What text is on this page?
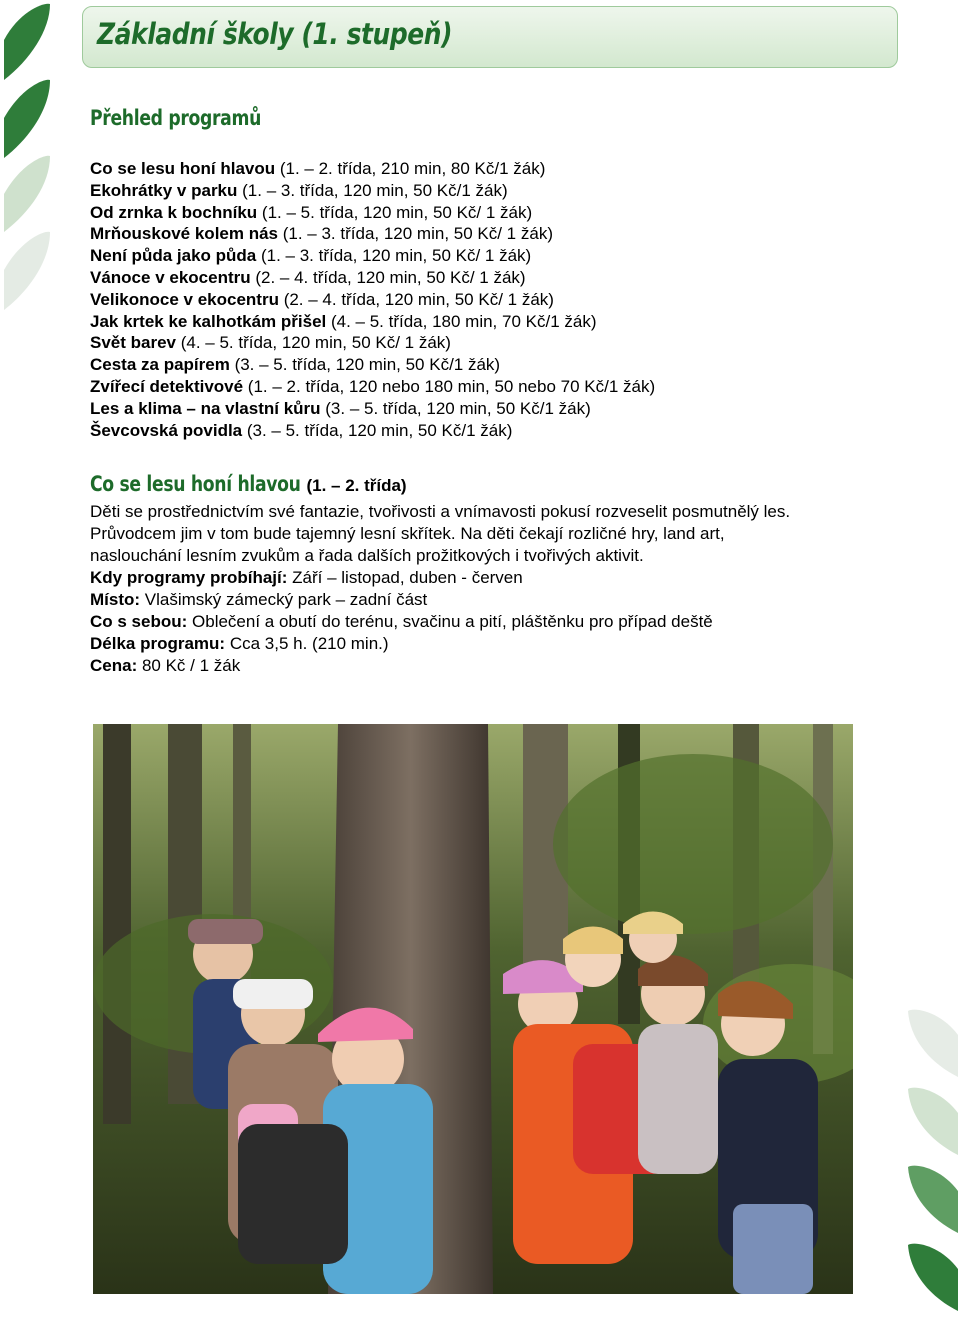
Základní školy (1. stupeň)
Přehled programů
Co se lesu honí hlavou (1. – 2. třída, 210 min, 80 Kč/1 žák)
Ekohrátky v parku (1. – 3. třída, 120 min, 50 Kč/1 žák)
Od zrnka k bochníku (1. – 5. třída, 120 min, 50 Kč/ 1 žák)
Mrňouskové kolem nás (1. – 3. třída, 120 min, 50 Kč/ 1 žák)
Není půda jako půda (1. – 3. třída, 120 min, 50 Kč/ 1 žák)
Vánoce v ekocentru (2. – 4. třída, 120 min, 50 Kč/ 1 žák)
Velikonoce v ekocentru (2. – 4. třída, 120 min, 50 Kč/ 1 žák)
Jak krtek ke kalhotkám přišel (4. – 5. třída, 180 min, 70 Kč/1 žák)
Svět barev (4. – 5. třída, 120 min, 50 Kč/ 1 žák)
Cesta za papírem (3. – 5. třída, 120 min, 50 Kč/1 žák)
Zvířecí detektivové (1. – 2. třída, 120 nebo 180 min, 50 nebo 70 Kč/1 žák)
Les a klima – na vlastní kůru (3. – 5. třída, 120 min, 50 Kč/1 žák)
Ševcovská povidla (3. – 5. třída, 120 min, 50 Kč/1 žák)
Co se lesu honí hlavou (1. – 2. třída)

Děti se prostřednictvím své fantazie, tvořivosti a vnímavosti pokusí rozveselit posmutnělý les.

Průvodcem jim v tom bude tajemný lesní skřítek. Na děti čekají rozličné hry, land art,

naslouchání lesním zvukům a řada dalších prožitkových i tvořivých aktivit.

Kdy programy probíhají: Září – listopad, duben - červen

Místo: Vlašimský zámecký park – zadní část

Co s sebou: Oblečení a obutí do terénu, svačinu a pití, pláštěnku pro případ deště

Délka programu: Cca 3,5 h. (210 min.)

Cena: 80 Kč / 1 žák
